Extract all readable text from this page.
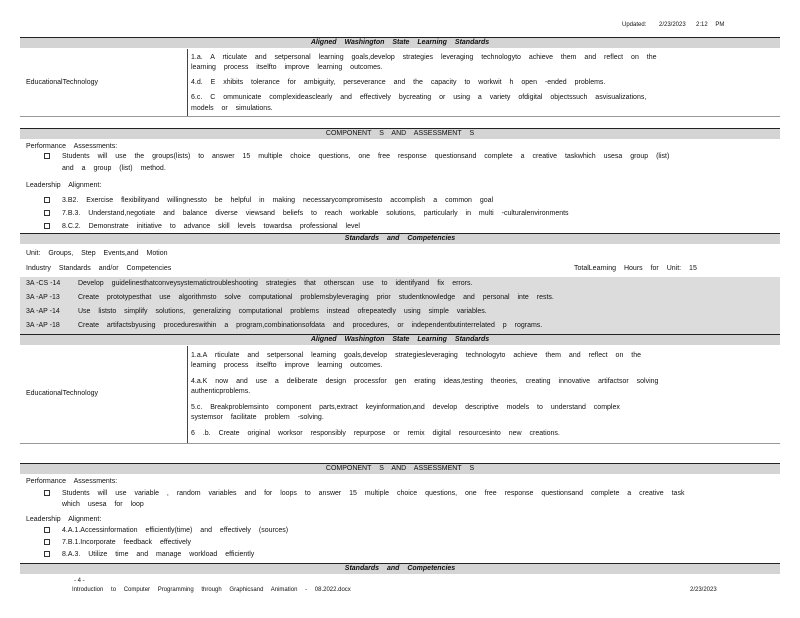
Updated: 2/23/2023 2:12 PM
Aligned Washington State Learning Standards
EducationalTechnology
1.a. A rticulate and setpersonal learning goals,develop strategies leveraging technologyto achieve them and reflect on the
learning process itselfto improve learning outcomes.
4.d. E xhibits tolerance for ambiguity, perseverance and the capacity to workwit h open -ended problems.
6.c. C ommunicate complexideasclearly and effectively bycreating or using a variety ofdigital objectssuch asvisualizations,
models or simulations.
COMPONENT S AND ASSESSMENT S
Performance Assessments:
Students will use the groups(lists) to answer 15 multiple choice questions, one free response questionsand complete a creative taskwhich usesa group (list)
and a group (list) method.
Leadership Alignment:
3.B2. Exercise flexibilityand willingnessto be helpful in making necessarycompromisesto accomplish a common goal
7.B.3. Understand,negotiate and balance diverse viewsand beliefs to reach workable solutions, particularly in multi -culturalenvironments
8.C.2. Demonstrate initiative to advance skill levels towardsa professional level
Standards and Competencies
Unit: Groups, Step Events,and Motion
Industry Standards and/or Competencies	TotalLearning Hours for Unit: 15
3A -CS -14	Develop guidelinesthatconveysystematictroubleshooting strategies that otherscan use to identifyand fix errors.
3A -AP -13	Create prototypesthat use algorithmsto solve computational problemsbyleveraging prior studentknowledge and personal inte rests.
3A -AP -14	Use liststo simplify solutions, generalizing computational problems instead ofrepeatedly using simple variables.
3A -AP -18	Create artifactsbyusing procedureswithin a program,combinationsofdata and procedures, or independentbutinterrelated p rograms.
Aligned Washington State Learning Standards
EducationalTechnology
1.a.A rticulate and setpersonal learning goals,develop strategiesleveraging technologyto achieve them and reflect on the
learning process itselfto improve learning outcomes.
4.a.K now and use a deliberate design processfor gen erating ideas,testing theories, creating innovative artifactsor solving
authenticproblems.
5.c. Breakproblemsinto component parts,extract keyinformation,and develop descriptive models to understand complex
systemsor facilitate problem -solving.
6 .b. Create original worksor responsibly repurpose or remix digital resourcesinto new creations.
COMPONENT S AND ASSESSMENT S
Performance Assessments:
Students will use variable , random variables and for loops to answer 15 multiple choice questions, one free response questionsand complete a creative task
which usesa for loop
Leadership Alignment:
4.A.1.Accessinformation efficiently(time) and effectively (sources)
7.B.1.Incorporate feedback effectively
8.A.3. Utilize time and manage workload efficiently
Standards and Competencies
- 4 -
Introduction to Computer Programming through Graphicsand Animation - 08.2022.docx	2/23/2023
